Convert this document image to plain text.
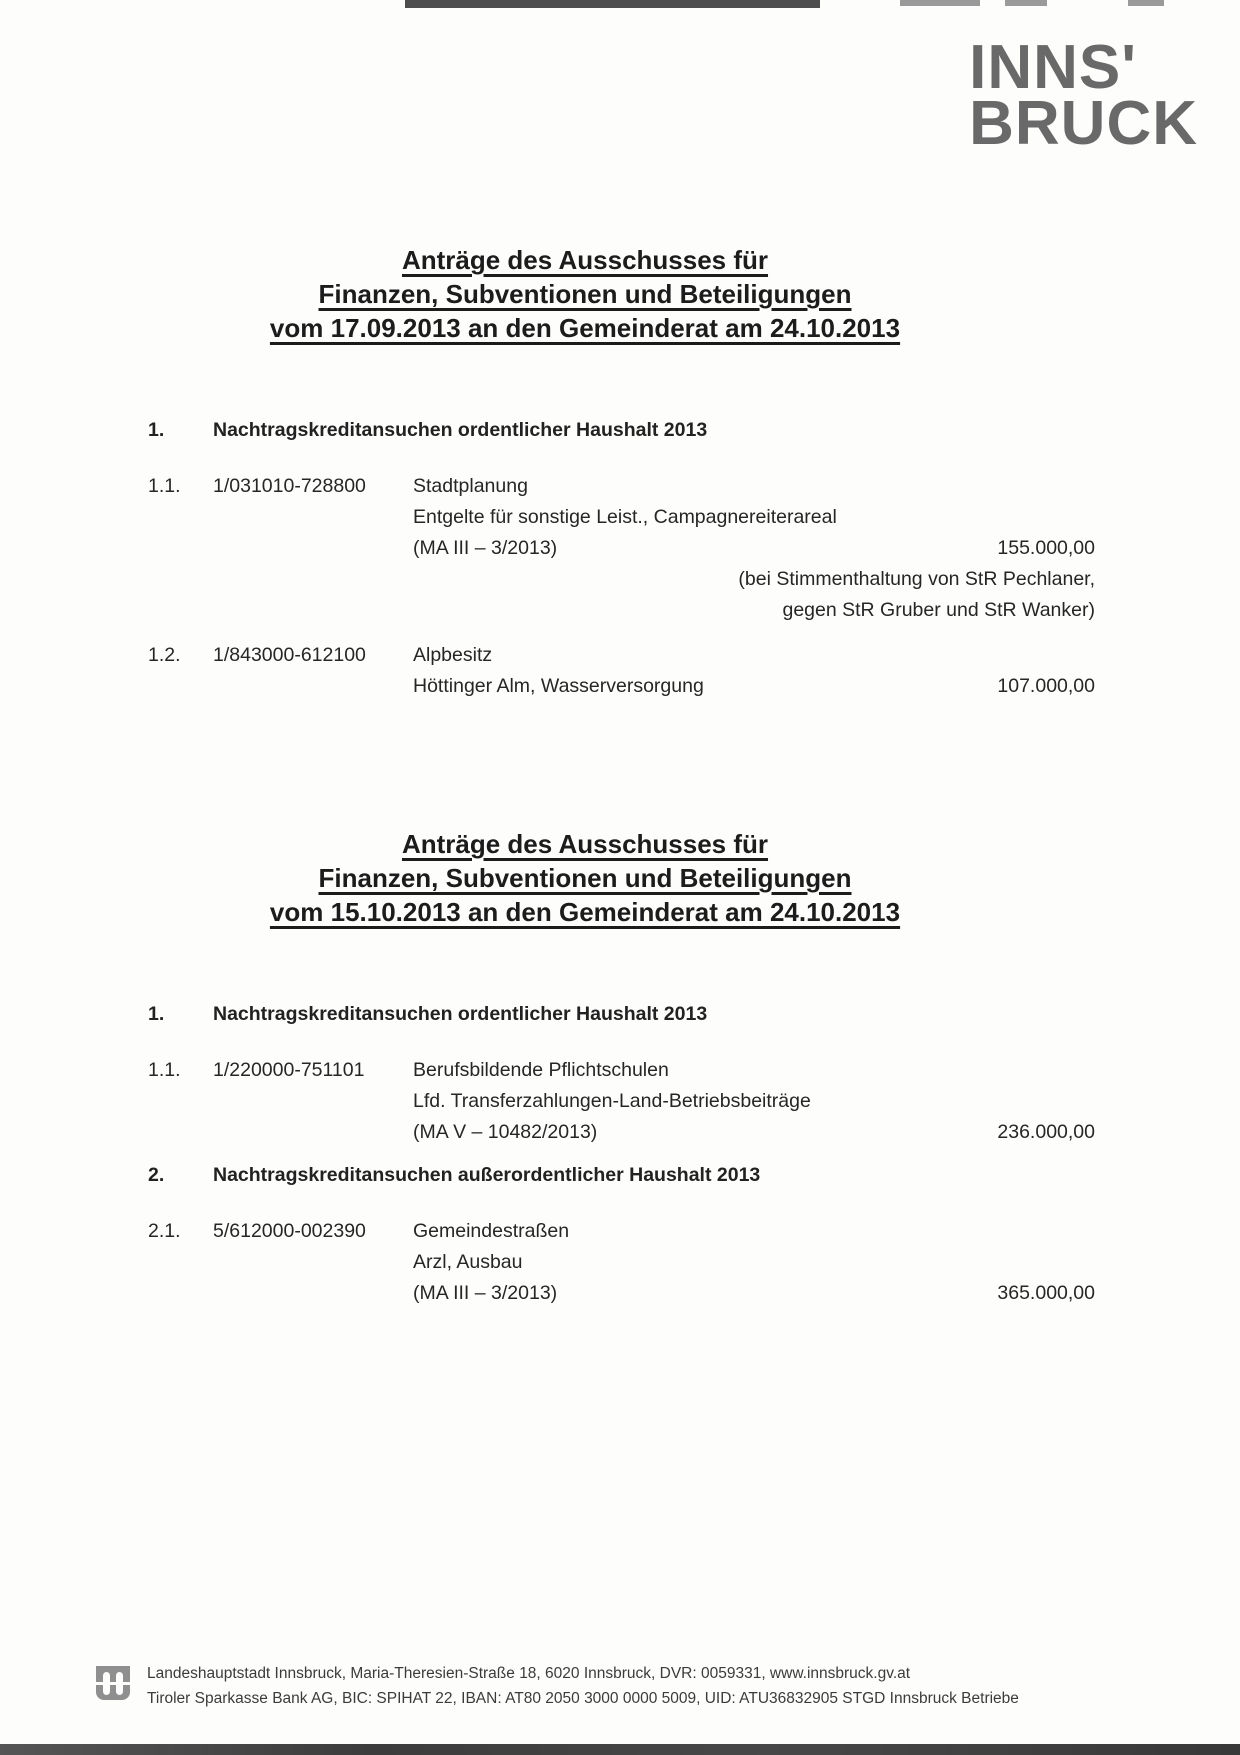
INNS'
BRUCK
Anträge des Ausschusses für
Finanzen, Subventionen und Beteiligungen
vom 17.09.2013 an den Gemeinderat am 24.10.2013
1.	Nachtragskreditansuchen ordentlicher Haushalt 2013
1.1.	1/031010-728800	Stadtplanung
Entgelte für sonstige Leist., Campagnereiterareal
(MA III – 3/2013)	155.000,00
(bei Stimmenthaltung von StR Pechlaner,
gegen StR Gruber und StR Wanker)
1.2.	1/843000-612100	Alpbesitz
Höttinger Alm, Wasserversorgung	107.000,00
Anträge des Ausschusses für
Finanzen, Subventionen und Beteiligungen
vom 15.10.2013 an den Gemeinderat am 24.10.2013
1.	Nachtragskreditansuchen ordentlicher Haushalt 2013
1.1.	1/220000-751101	Berufsbildende Pflichtschulen
Lfd. Transferzahlungen-Land-Betriebsbeiträge
(MA V – 10482/2013)	236.000,00
2.	Nachtragskreditansuchen außerordentlicher Haushalt 2013
2.1.	5/612000-002390	Gemeindestraßen
Arzl, Ausbau
(MA III – 3/2013)	365.000,00
Landeshauptstadt Innsbruck, Maria-Theresien-Straße 18, 6020 Innsbruck, DVR: 0059331, www.innsbruck.gv.at
Tiroler Sparkasse Bank AG, BIC: SPIHAT 22, IBAN: AT80 2050 3000 0000 5009, UID: ATU36832905 STGD Innsbruck Betriebe
